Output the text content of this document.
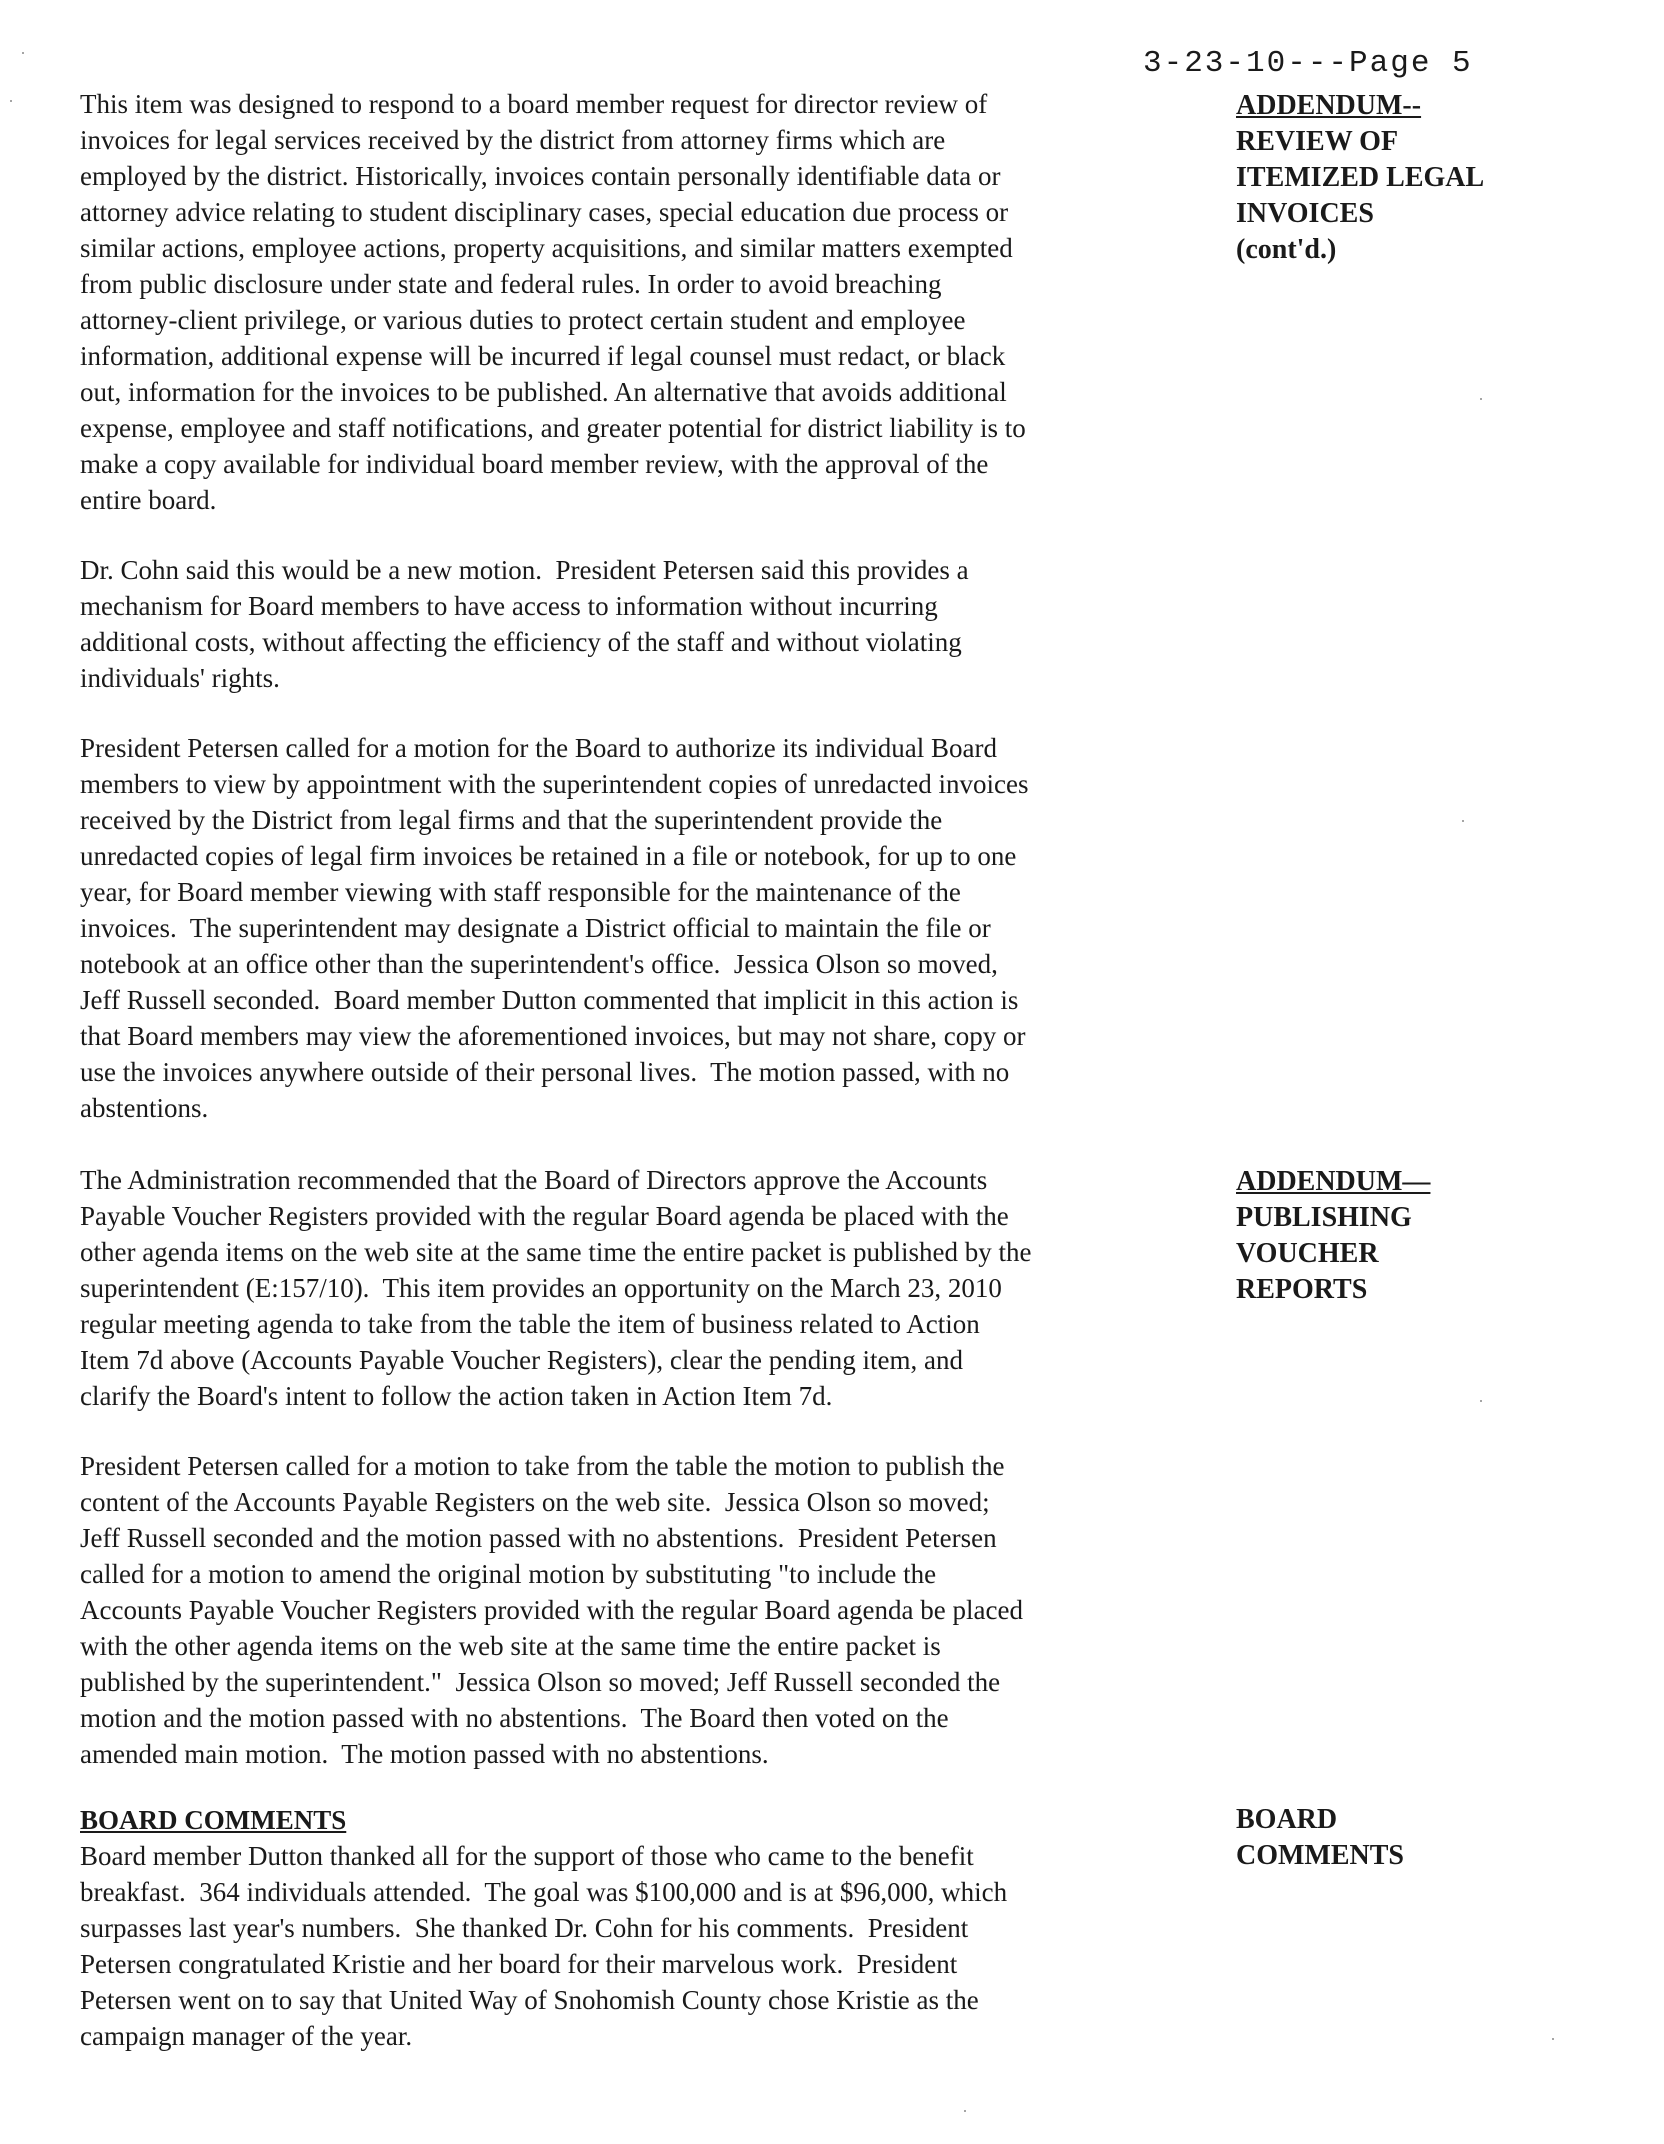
3-23-10---Page 5

This item was designed to respond to a board member request for director review of

invoices for legal services received by the district from attorney firms which are

employed by the district. Historically, invoices contain personally identifiable data or

attorney advice relating to student disciplinary cases, special education due process or

similar actions, employee actions, property acquisitions, and similar matters exempted

from public disclosure under state and federal rules. In order to avoid breaching

attorney-client privilege, or various duties to protect certain student and employee

information, additional expense will be incurred if legal counsel must redact, or black

out, information for the invoices to be published. An alternative that avoids additional

expense, employee and staff notifications, and greater potential for district liability is to

make a copy available for individual board member review, with the approval of the

entire board.

Dr. Cohn said this would be a new motion.  President Petersen said this provides a

mechanism for Board members to have access to information without incurring

additional costs, without affecting the efficiency of the staff and without violating

individuals' rights.

President Petersen called for a motion for the Board to authorize its individual Board

members to view by appointment with the superintendent copies of unredacted invoices

received by the District from legal firms and that the superintendent provide the

unredacted copies of legal firm invoices be retained in a file or notebook, for up to one

year, for Board member viewing with staff responsible for the maintenance of the

invoices.  The superintendent may designate a District official to maintain the file or

notebook at an office other than the superintendent's office.  Jessica Olson so moved,

Jeff Russell seconded.  Board member Dutton commented that implicit in this action is

that Board members may view the aforementioned invoices, but may not share, copy or

use the invoices anywhere outside of their personal lives.  The motion passed, with no

abstentions.

The Administration recommended that the Board of Directors approve the Accounts

Payable Voucher Registers provided with the regular Board agenda be placed with the

other agenda items on the web site at the same time the entire packet is published by the

superintendent (E:157/10).  This item provides an opportunity on the March 23, 2010

regular meeting agenda to take from the table the item of business related to Action

Item 7d above (Accounts Payable Voucher Registers), clear the pending item, and

clarify the Board's intent to follow the action taken in Action Item 7d.

President Petersen called for a motion to take from the table the motion to publish the

content of the Accounts Payable Registers on the web site.  Jessica Olson so moved;

Jeff Russell seconded and the motion passed with no abstentions.  President Petersen

called for a motion to amend the original motion by substituting "to include the

Accounts Payable Voucher Registers provided with the regular Board agenda be placed

with the other agenda items on the web site at the same time the entire packet is

published by the superintendent."  Jessica Olson so moved; Jeff Russell seconded the

motion and the motion passed with no abstentions.  The Board then voted on the

amended main motion.  The motion passed with no abstentions.

BOARD COMMENTS

Board member Dutton thanked all for the support of those who came to the benefit

breakfast.  364 individuals attended.  The goal was $100,000 and is at $96,000, which

surpasses last year's numbers.  She thanked Dr. Cohn for his comments.  President

Petersen congratulated Kristie and her board for their marvelous work.  President

Petersen went on to say that United Way of Snohomish County chose Kristie as the

campaign manager of the year.

ADDENDUM--
REVIEW OF
ITEMIZED LEGAL
INVOICES
(cont'd.)
ADDENDUM—
PUBLISHING
VOUCHER
REPORTS
BOARD
COMMENTS
